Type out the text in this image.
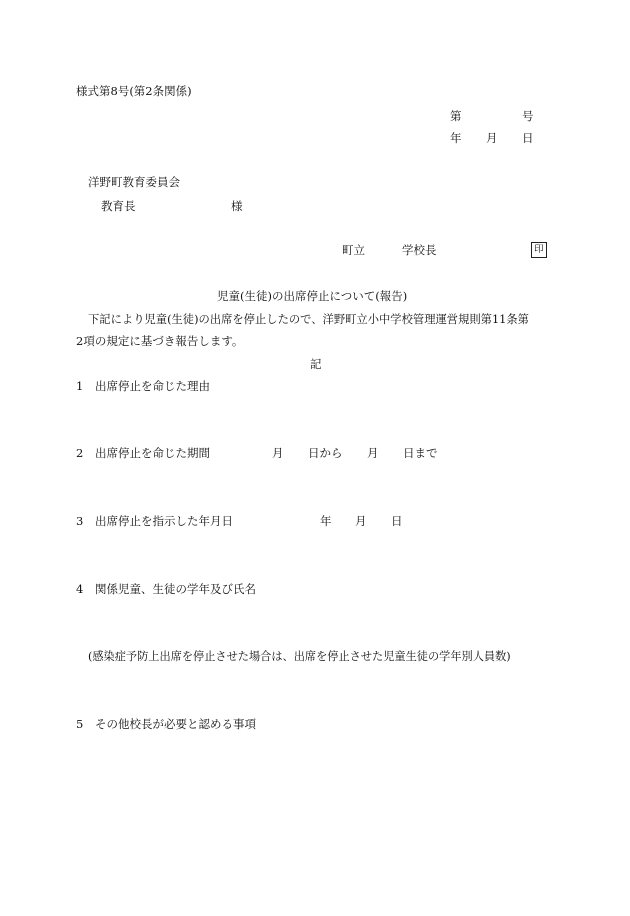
様式第8号(第2条関係)
第	号
年 月 日
洋野町教育委員会
教育長	様
町立	学校長	印
児童(生徒)の出席停止について(報告)
下記により児童(生徒)の出席を停止したので、洋野町立小中学校管理運営規則第11条第
2項の規定に基づき報告します。
記
1 出席停止を命じた理由
2 出席停止を命じた期間	月 日から 月 日まで
3 出席停止を指示した年月日	年 月 日
4 関係児童、生徒の学年及び氏名
(感染症予防上出席を停止させた場合は、出席を停止させた児童生徒の学年別人員数)
5 その他校長が必要と認める事項
